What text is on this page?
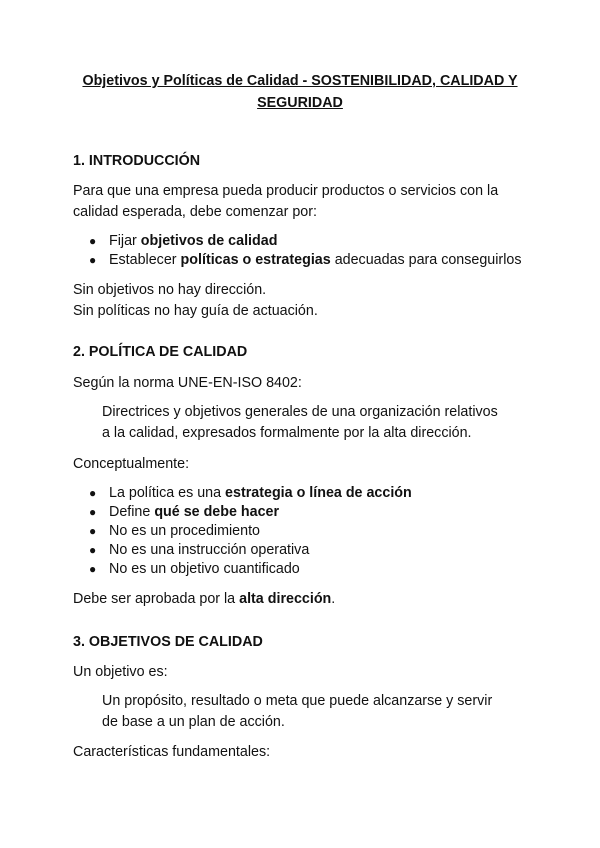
Objetivos y Políticas de Calidad - SOSTENIBILIDAD, CALIDAD Y
SEGURIDAD

1. INTRODUCCIÓN

Para que una empresa pueda producir productos o servicios con la
calidad esperada, debe comenzar por:

● Fijar objetivos de calidad
● Establecer políticas o estrategias adecuadas para conseguirlos

Sin objetivos no hay dirección.
Sin políticas no hay guía de actuación.

2. POLÍTICA DE CALIDAD

Según la norma UNE-EN-ISO 8402:

Directrices y objetivos generales de una organización relativos
a la calidad, expresados formalmente por la alta dirección.

Conceptualmente:

● La política es una estrategia o línea de acción
● Define qué se debe hacer
● No es un procedimiento
● No es una instrucción operativa
● No es un objetivo cuantificado

Debe ser aprobada por la alta dirección.

3. OBJETIVOS DE CALIDAD

Un objetivo es:

Un propósito, resultado o meta que puede alcanzarse y servir
de base a un plan de acción.

Características fundamentales:
